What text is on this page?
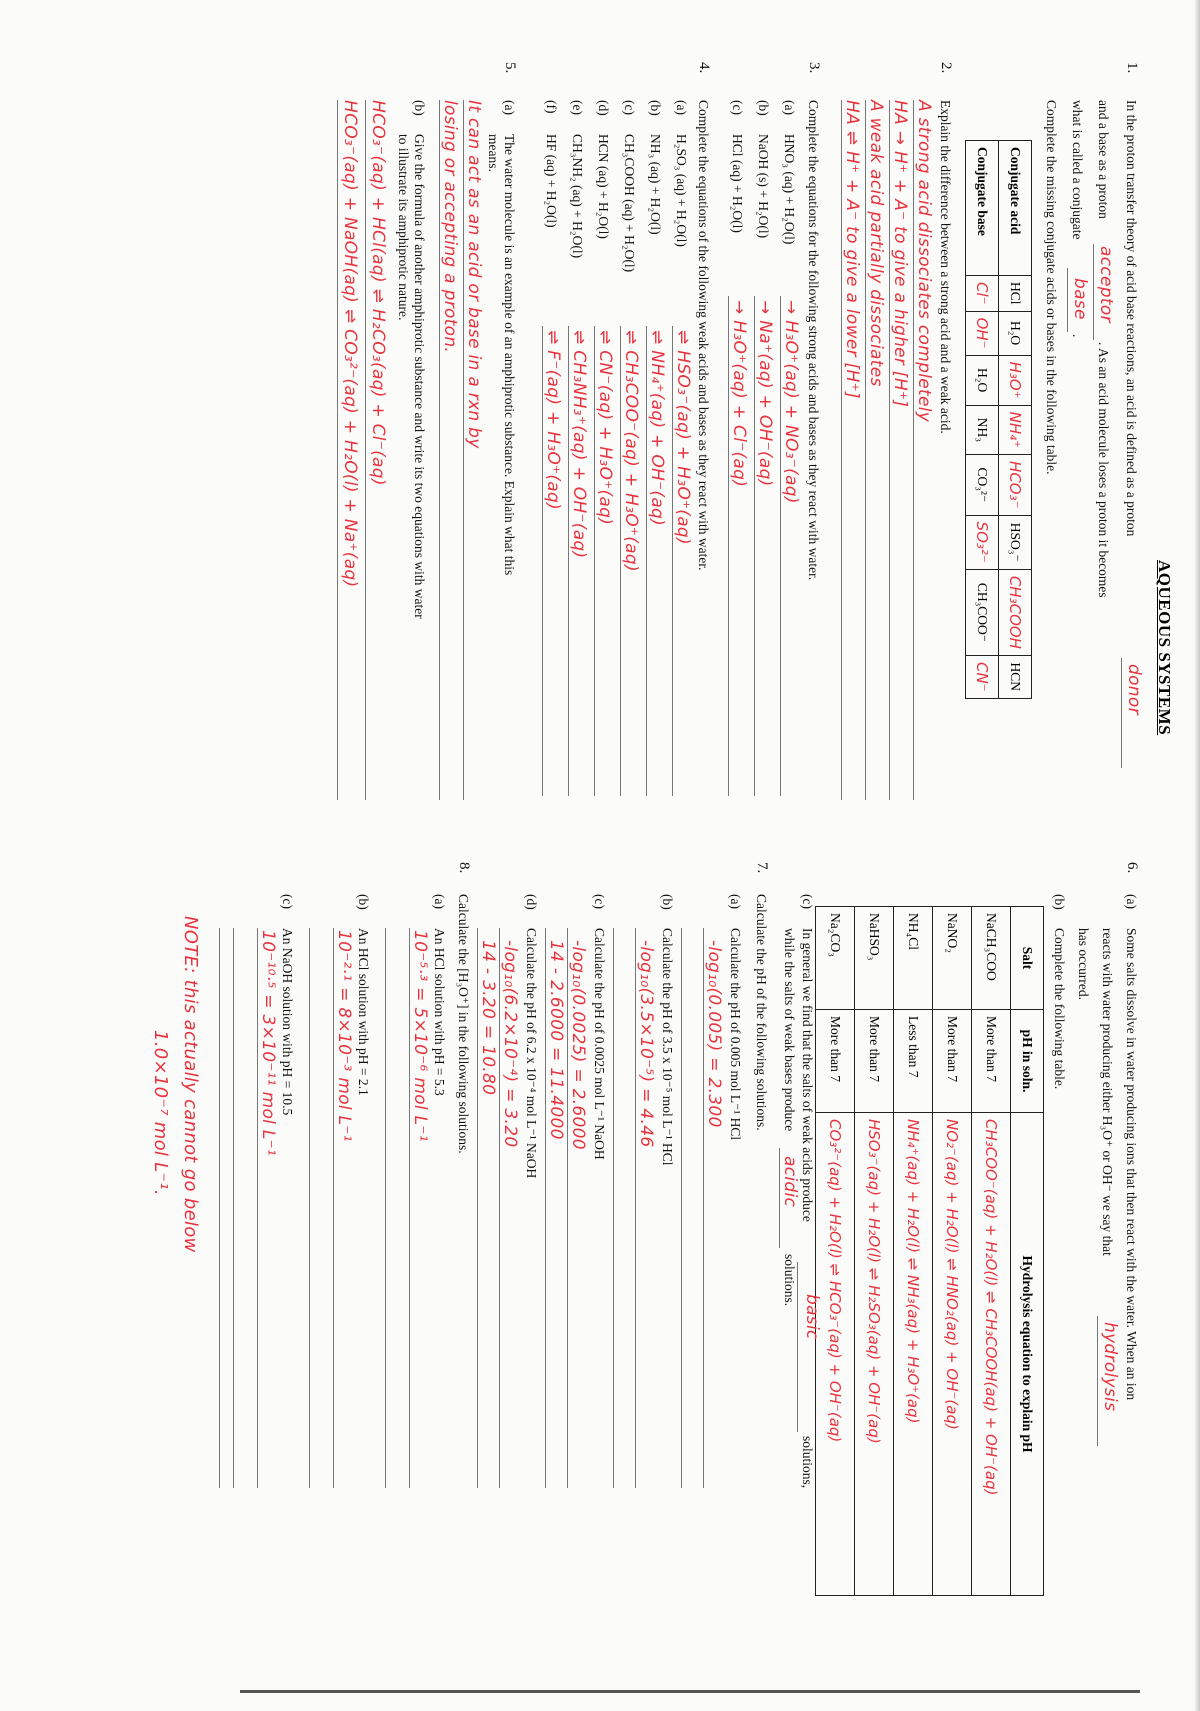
AQUEOUS SYSTEMS
1.
In the proton transfer theory of acid base reactions, an acid is defined as a proton
donor
and a base as a proton
acceptor
. As an acid molecule loses a proton it becomes
what is called a conjugate
base
.
Complete the missing conjugate acids or bases in the following table.
Conjugate acid	HCl	H₂O	H₃O⁺	NH₄⁺	HCO₃⁻	HSO₃⁻	CH₃COOH	HCN
Conjugate base	Cl⁻	OH⁻	H₂O	NH₃	CO₃²⁻	SO₃²⁻	CH₃COO⁻	CN⁻
2.
Explain the difference between a strong acid and a weak acid.
A strong acid dissociates completely
HA → H⁺ + A⁻ to give a higher [H⁺]
A weak acid partially dissociates
HA ⇌ H⁺ + A⁻ to give a lower [H⁺]
3.
Complete the equations for the following strong acids and bases as they react with water.
4.
Complete the equations of the following weak acids and bases as they react with water.
5.
(a)
The water molecule is an example of an amphiprotic substance. Explain what this
means.
It can act as an acid or base in a rxn by
losing or accepting a proton.
(b)
Give the formula of another amphiprotic substance and write its two equations with water
to illustrate its amphiprotic nature.
HCO₃⁻(aq) + HCl(aq) ⇌ H₂CO₃(aq) + Cl⁻(aq)
HCO₃⁻(aq) + NaOH(aq) ⇌ CO₃²⁻(aq) + H₂O(l) + Na⁺(aq)
6.
(a)
Some salts dissolve in water producing ions that then react with the water. When an ion
reacts with water producing either H₃O⁺ or OH⁻ we say that
hydrolysis
has occurred.
(b)
Complete the following table.
Salt	pH in soln.	Hydrolysis equation to explain pH
NaCH₃COO	More than 7	CH₃COO⁻(aq) + H₂O(l) ⇌ CH₃COOH(aq) + OH⁻(aq)
NaNO₂	More than 7	NO₂⁻(aq) + H₂O(l) ⇌ HNO₂(aq) + OH⁻(aq)
NH₄Cl	Less than 7	NH₄⁺(aq) + H₂O(l) ⇌ NH₃(aq) + H₃O⁺(aq)
NaHSO₃	More than 7	HSO₃⁻(aq) + H₂O(l) ⇌ H₂SO₃(aq) + OH⁻(aq)
Na₂CO₃	More than 7	CO₃²⁻(aq) + H₂O(l) ⇌ HCO₃⁻(aq) + OH⁻(aq)
(c)
In general we find that the salts of weak acids produce
basic
solutions,
while the salts of weak bases produce
acidic
solutions.
7.
Calculate the pH of the following solutions.
8.
Calculate the [H₃O⁺] in the following solutions.
NOTE: this actually cannot go below
1.0×10⁻⁷ mol L⁻¹.
(a)
HNO₃ (aq) + H₂O(l)
→ H₃O⁺(aq) + NO₃⁻(aq)
(b)
NaOH (s) + H₂O(l)
→ Na⁺(aq) + OH⁻(aq)
(c)
HCl (aq) + H₂O(l)
→ H₃O⁺(aq) + Cl⁻(aq)
(a)
H₂SO₃ (aq) + H₂O(l)
⇌ HSO₃⁻(aq) + H₃O⁺(aq)
(b)
NH₃ (aq) + H₂O(l)
⇌ NH₄⁺(aq) + OH⁻(aq)
(c)
CH₃COOH (aq) + H₂O(l)
⇌ CH₃COO⁻(aq) + H₃O⁺(aq)
(d)
HCN (aq) + H₂O(l)
⇌ CN⁻(aq) + H₃O⁺(aq)
(e)
CH₃NH₂ (aq) + H₂O(l)
⇌ CH₃NH₃⁺(aq) + OH⁻(aq)
(f)
HF (aq) + H₂O(l)
⇌ F⁻(aq) + H₃O⁺(aq)
(a)
Calculate the pH of 0.005 mol L⁻¹ HCl
-log₁₀(0.005) = 2.300
(b)
Calculate the pH of 3.5 x 10⁻⁵ mol L⁻¹ HCl
-log₁₀(3.5×10⁻⁵) = 4.46
(c)
Calculate the pH of 0.0025 mol L⁻¹ NaOH
-log₁₀(0.0025) = 2.6000
14 - 2.6000 = 11.4000
(d)
Calculate the pH of 6.2 x 10⁻⁴ mol L⁻¹ NaOH
-log₁₀(6.2×10⁻⁴) = 3.20
14 - 3.20 = 10.80
(a)
An HCl solution with pH = 5.3
10⁻⁵·³ = 5×10⁻⁶ mol L⁻¹
(b)
An HCl solution with pH = 2.1
10⁻²·¹ = 8×10⁻³ mol L⁻¹
(c)
An NaOH solution with pH = 10.5
10⁻¹⁰·⁵ = 3×10⁻¹¹ mol L⁻¹
